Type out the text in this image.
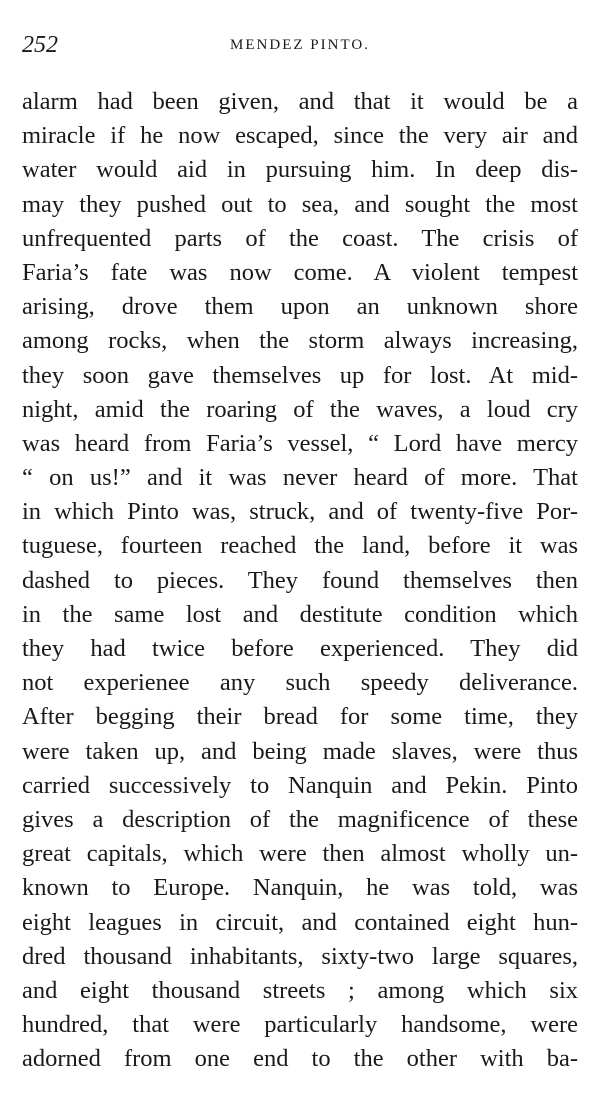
252	MENDEZ PINTO.
alarm had been given, and that it would be a
miracle if he now escaped, since the very air and
water would aid in pursuing him. In deep dis-
may they pushed out to sea, and sought the most
unfrequented parts of the coast. The crisis of
Faria’s fate was now come. A violent tempest
arising, drove them upon an unknown shore
among rocks, when the storm always increasing,
they soon gave themselves up for lost. At mid-
night, amid the roaring of the waves, a loud cry
was heard from Faria’s vessel, “ Lord have mercy
“ on us!” and it was never heard of more. That
in which Pinto was, struck, and of twenty-five Por-
tuguese, fourteen reached the land, before it was
dashed to pieces. They found themselves then
in the same lost and destitute condition which
they had twice before experienced. They did
not experienee any such speedy deliverance.
After begging their bread for some time, they
were taken up, and being made slaves, were thus
carried successively to Nanquin and Pekin. Pinto
gives a description of the magnificence of these
great capitals, which were then almost wholly un-
known to Europe. Nanquin, he was told, was
eight leagues in circuit, and contained eight hun-
dred thousand inhabitants, sixty-two large squares,
and eight thousand streets ; among which six
hundred, that were particularly handsome, were
adorned from one end to the other with ba-
